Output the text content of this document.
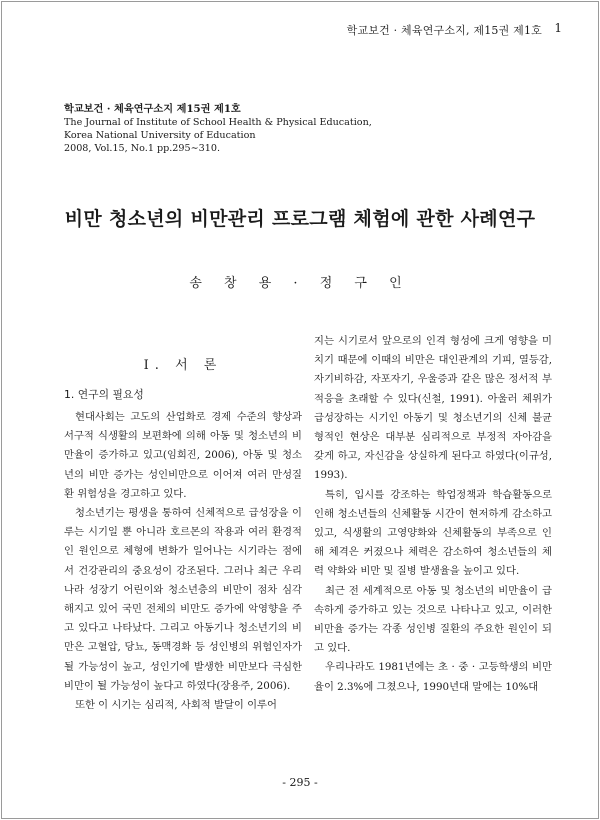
학교보건 · 체육연구소지, 제15권 제1호 1
학교보건 · 체육연구소지 제15권 제1호
The Journal of Institute of School Health & Physical Education,
Korea National University of Education
2008, Vol.15, No.1 pp.295∼310.
비만 청소년의 비만관리 프로그램 체험에 관한 사례연구
송 창 용 · 정 구 인
Ⅰ. 서 론
1. 연구의 필요성

현대사회는 고도의 산업화로 경제 수준의 향상과 서구적 식생활의 보편화에 의해 아동 및 청소년의 비만율이 증가하고 있고(임희진, 2006), 아동 및 청소년의 비만 증가는 성인비만으로 이어져 여러 만성질환 위험성을 경고하고 있다.

청소년기는 평생을 통하여 신체적으로 급성장을 이루는 시기일 뿐 아니라 호르몬의 작용과 여러 환경적인 원인으로 체형에 변화가 일어나는 시기라는 점에서 건강관리의 중요성이 강조된다. 그러나 최근 우리나라 성장기 어린이와 청소년층의 비만이 점차 심각해지고 있어 국민 전체의 비만도 증가에 악영향을 주고 있다고 나타났다. 그리고 아동기나 청소년기의 비만은 고혈압, 당뇨, 동맥경화 등 성인병의 위험인자가 될 가능성이 높고, 성인기에 발생한 비만보다 극심한 비만이 될 가능성이 높다고 하였다(장용주, 2006).

또한 이 시기는 심리적, 사회적 발달이 이루어

지는 시기로서 앞으로의 인격 형성에 크게 영향을 미치기 때문에 이때의 비만은 대인관계의 기피, 열등감, 자기비하감, 자포자기, 우울증과 같은 많은 정서적 부적응을 초래할 수 있다(신철, 1991). 아울러 체위가 급성장하는 시기인 아동기 및 청소년기의 신체 불균형적인 현상은 대부분 심리적으로 부정적 자아감을 갖게 하고, 자신감을 상실하게 된다고 하였다(이규성, 1993).

특히, 입시를 강조하는 학업정책과 학습활동으로 인해 청소년들의 신체활동 시간이 현저하게 감소하고 있고, 식생활의 고영양화와 신체활동의 부족으로 인해 체격은 커졌으나 체력은 감소하여 청소년들의 체력 약화와 비만 및 질병 발생율을 높이고 있다.

최근 전 세계적으로 아동 및 청소년의 비만율이 급속하게 증가하고 있는 것으로 나타나고 있고, 이러한 비만율 증가는 각종 성인병 질환의 주요한 원인이 되고 있다.

우리나라도 1981년에는 초 · 중 · 고등학생의 비만율이 2.3%에 그쳤으나, 1990년대 말에는 10%대

- 295 -
